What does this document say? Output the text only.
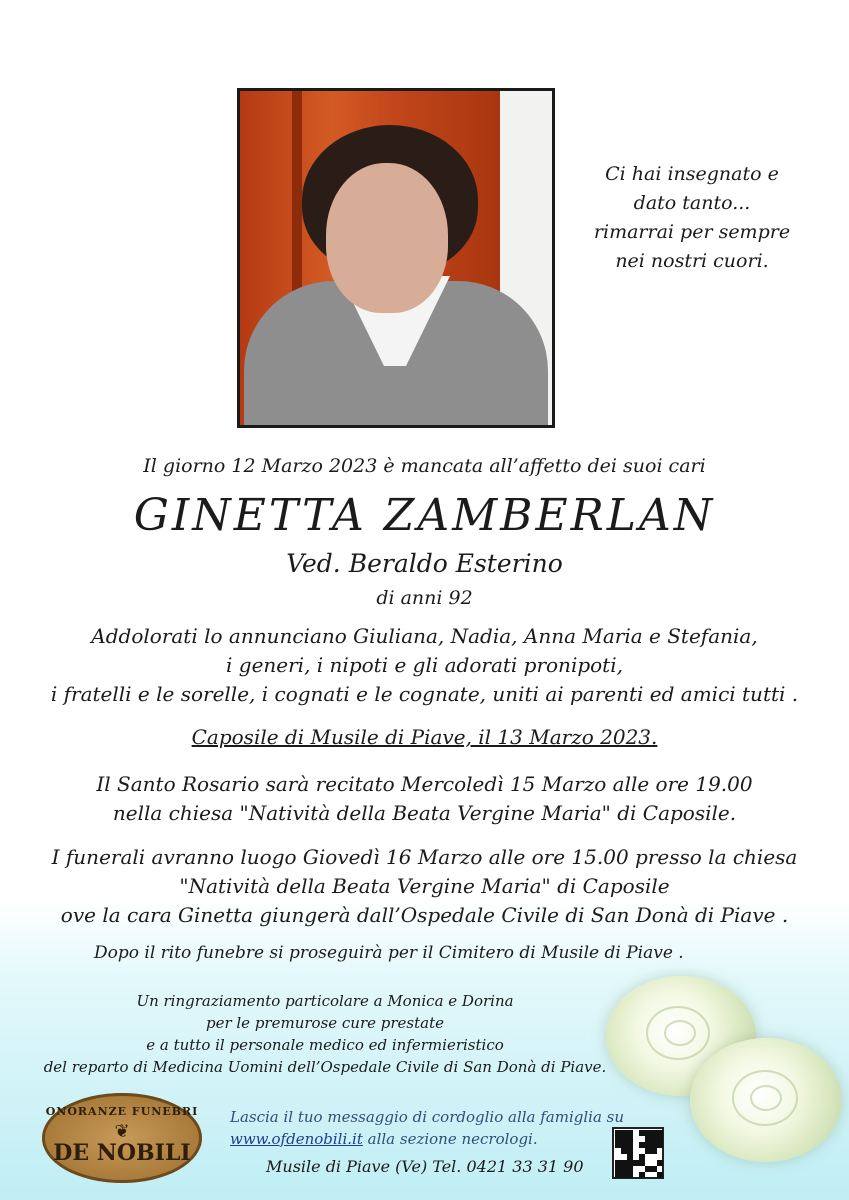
Ci hai insegnato e
dato tanto...
rimarrai per sempre
nei nostri cuori.
Il giorno 12 Marzo 2023 è mancata all’affetto dei suoi cari
GINETTA ZAMBERLAN
Ved. Beraldo Esterino
di anni 92
Addolorati lo annunciano Giuliana, Nadia, Anna Maria e Stefania,
i generi, i nipoti e gli adorati pronipoti,
i fratelli e le sorelle, i cognati e le cognate, uniti ai parenti ed amici tutti .
Caposile di Musile di Piave, il 13 Marzo 2023.
Il Santo Rosario sarà recitato Mercoledì 15 Marzo alle ore 19.00
nella chiesa "Natività della Beata Vergine Maria" di Caposile.
I funerali avranno luogo Giovedì 16 Marzo alle ore 15.00 presso la chiesa
"Natività della Beata Vergine Maria" di Caposile
ove la cara Ginetta giungerà dall’Ospedale Civile di San Donà di Piave .
Dopo il rito funebre si proseguirà per il Cimitero di Musile di Piave .
Un ringraziamento particolare a Monica e Dorina
per le premurose cure prestate
e a tutto il personale medico ed infermieristico
del reparto di Medicina Uomini dell’Ospedale Civile di San Donà di Piave.
ONORANZE FUNEBRI
❦
DE NOBILI
Lascia il tuo messaggio di cordoglio alla famiglia su
www.ofdenobili.it alla sezione necrologi.
Musile di Piave (Ve) Tel. 0421 33 31 90
